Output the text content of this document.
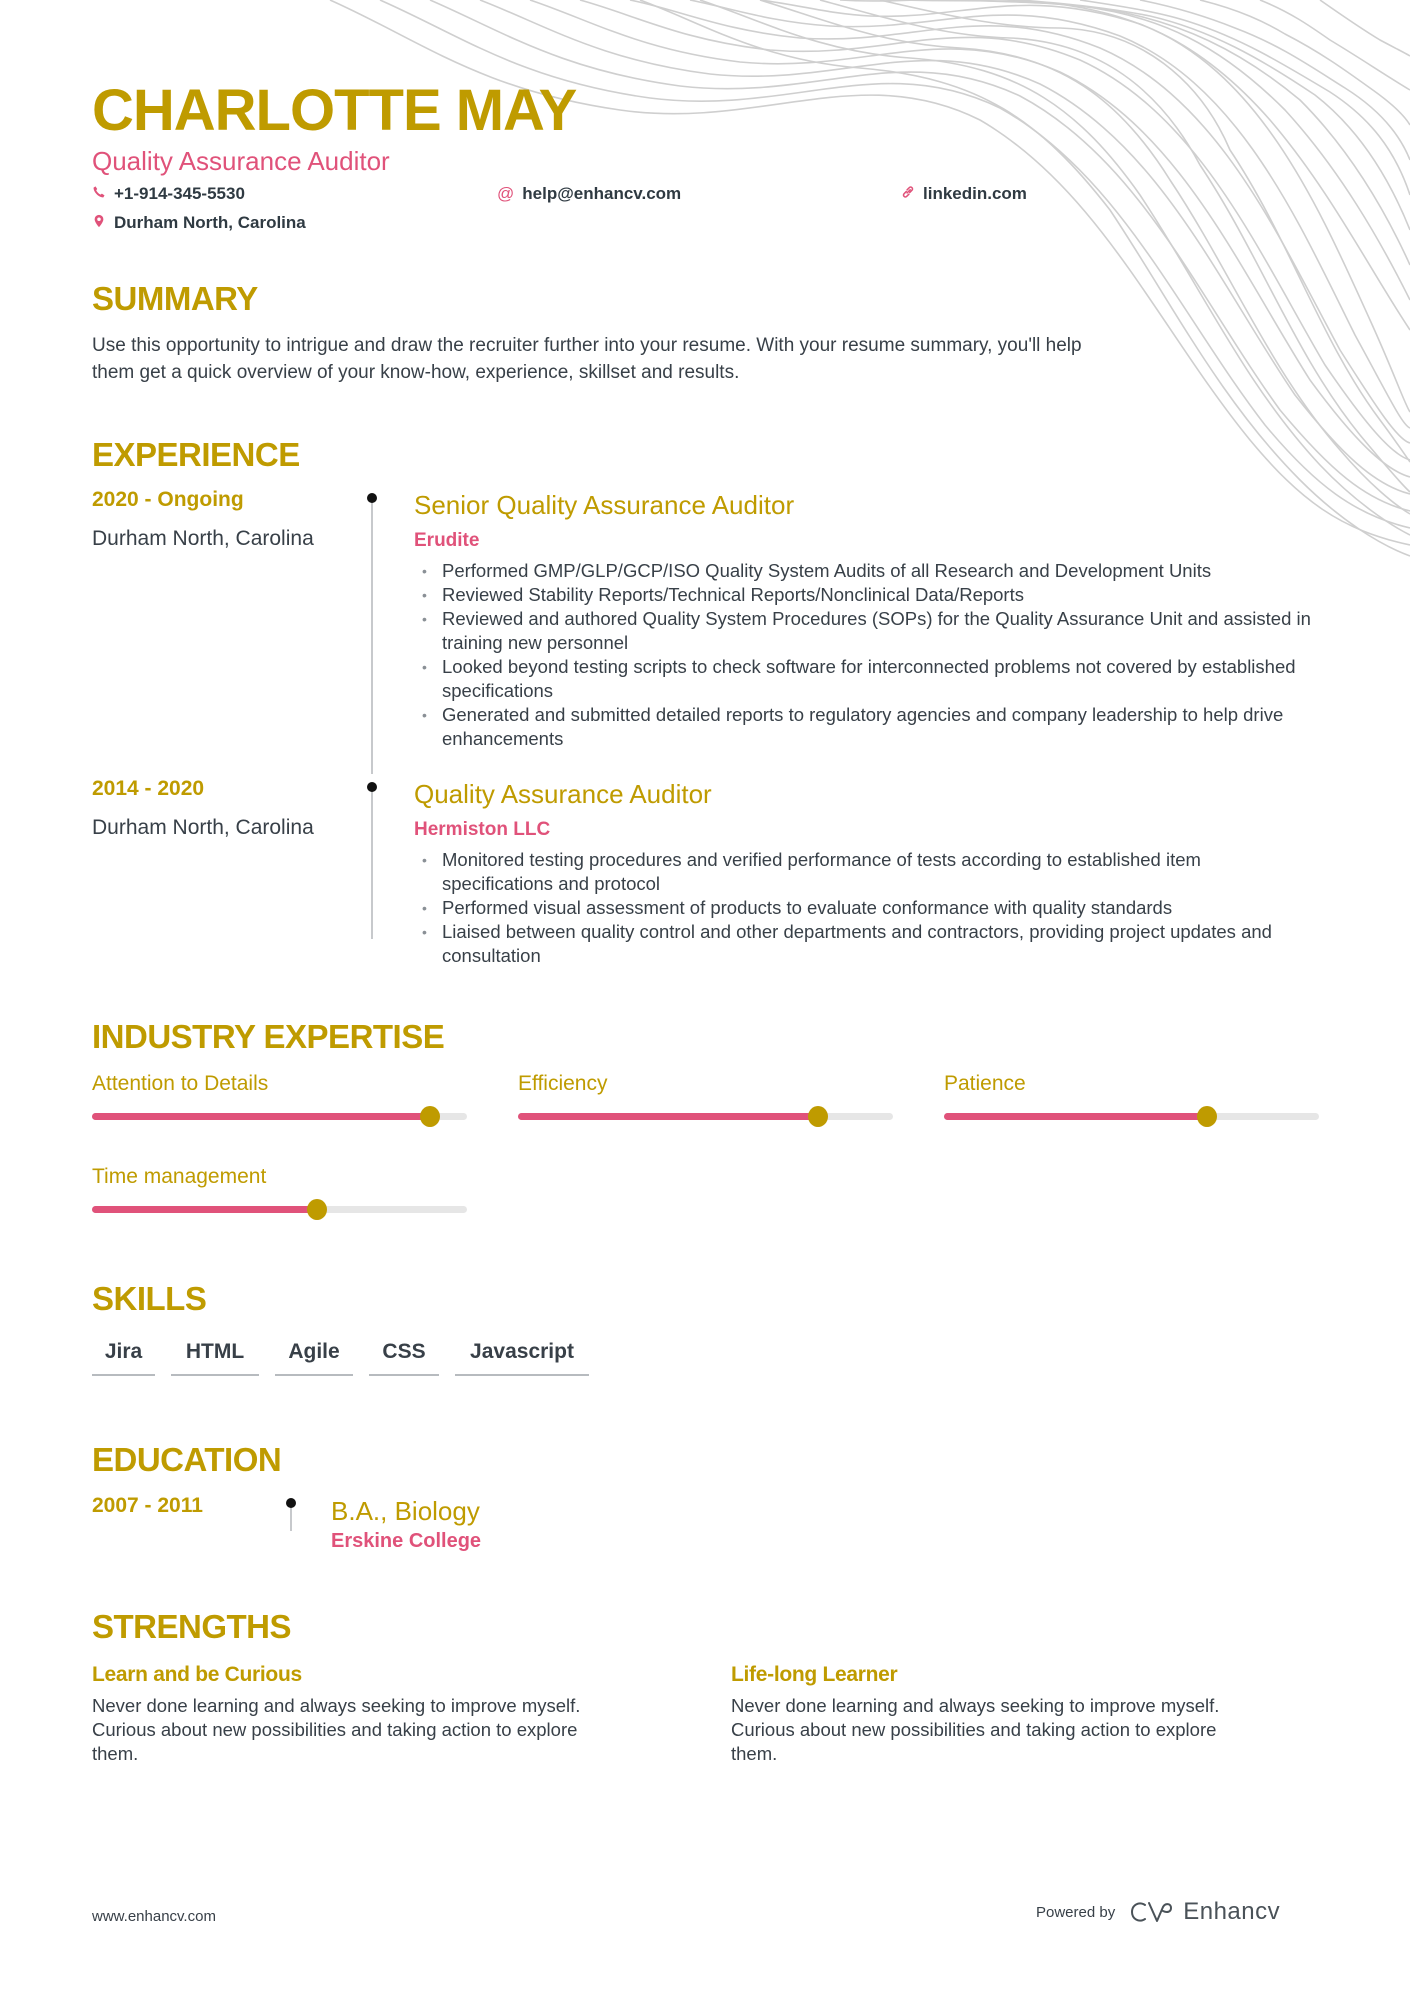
CHARLOTTE MAY
Quality Assurance Auditor
+1-914-345-5530	@ help@enhancv.com	linkedin.com
Durham North, Carolina
SUMMARY
Use this opportunity to intrigue and draw the recruiter further into your resume. With your resume summary, you'll help
them get a quick overview of your know-how, experience, skillset and results.
EXPERIENCE
2020 - Ongoing
Durham North, Carolina
Senior Quality Assurance Auditor
Erudite
• Performed GMP/GLP/GCP/ISO Quality System Audits of all Research and Development Units
• Reviewed Stability Reports/Technical Reports/Nonclinical Data/Reports
• Reviewed and authored Quality System Procedures (SOPs) for the Quality Assurance Unit and assisted in training new personnel
• Looked beyond testing scripts to check software for interconnected problems not covered by established specifications
• Generated and submitted detailed reports to regulatory agencies and company leadership to help drive enhancements
2014 - 2020
Durham North, Carolina
Quality Assurance Auditor
Hermiston LLC
• Monitored testing procedures and verified performance of tests according to established item specifications and protocol
• Performed visual assessment of products to evaluate conformance with quality standards
• Liaised between quality control and other departments and contractors, providing project updates and consultation
INDUSTRY EXPERTISE
Attention to Details	Efficiency	Patience
Time management
SKILLS
Jira	HTML	Agile	CSS	Javascript
EDUCATION
2007 - 2011	B.A., Biology
Erskine College
STRENGTHS
Learn and be Curious
Never done learning and always seeking to improve myself.
Curious about new possibilities and taking action to explore
them.
Life-long Learner
Never done learning and always seeking to improve myself.
Curious about new possibilities and taking action to explore
them.
www.enhancv.com	Powered by	Enhancv
